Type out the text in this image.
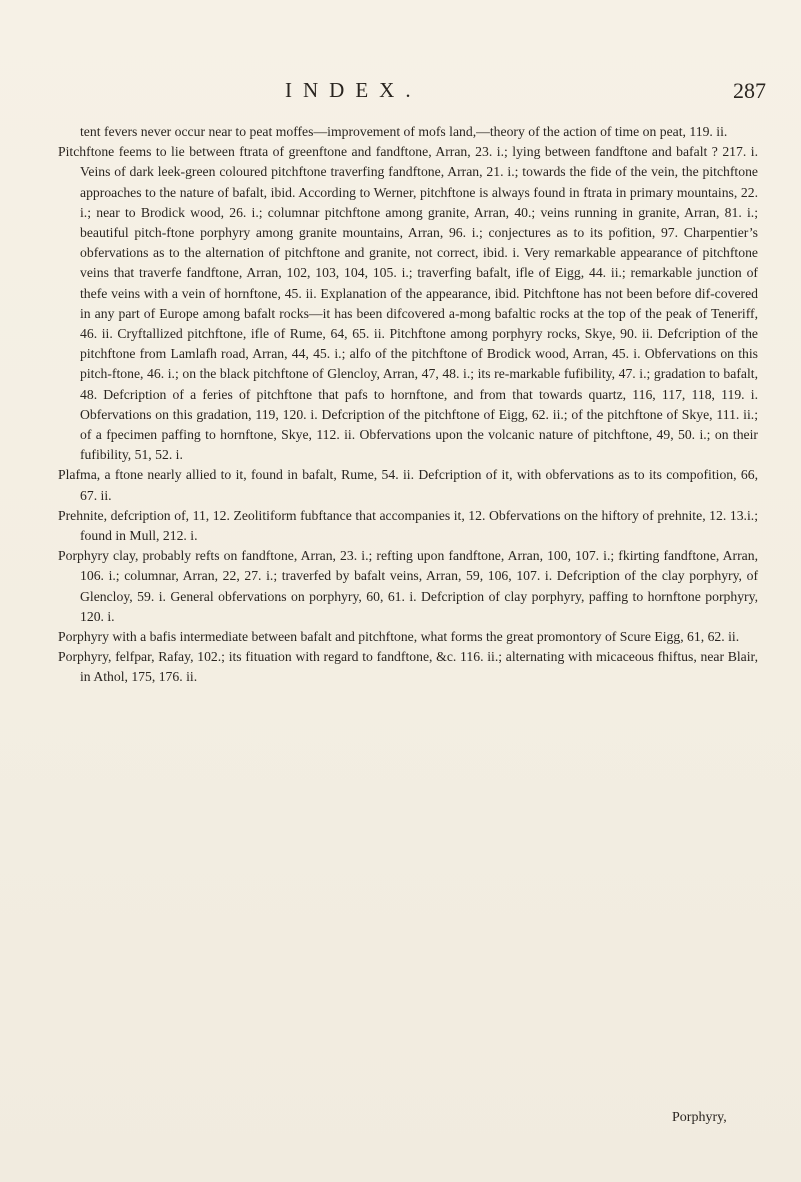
INDEX.	287

tent fevers never occur near to peat moffes—improvement of mofs land,—theory of the action of time on peat, 119. ii.

Pitchftone feems to lie between ftrata of greenftone and fandftone, Arran, 23. i.; lying between fandftone and bafalt ? 217. i. Veins of dark leek-green coloured pitchftone traverfing fandftone, Arran, 21. i.; towards the fide of the vein, the pitchftone approaches to the nature of bafalt, ibid. According to Werner, pitchftone is always found in ftrata in primary mountains, 22. i.; near to Brodick wood, 26. i.; columnar pitchftone among granite, Arran, 40.; veins running in granite, Arran, 81. i.; beautiful pitch-ftone porphyry among granite mountains, Arran, 96. i.; conjectures as to its pofition, 97. Charpentier’s obfervations as to the alternation of pitchftone and granite, not correct, ibid. i. Very remarkable appearance of pitchftone veins that traverfe fandftone, Arran, 102, 103, 104, 105. i.; traverfing bafalt, ifle of Eigg, 44. ii.; remarkable junction of thefe veins with a vein of hornftone, 45. ii. Explanation of the appearance, ibid. Pitchftone has not been before dif-covered in any part of Europe among bafalt rocks—it has been difcovered a-mong bafaltic rocks at the top of the peak of Teneriff, 46. ii. Cryftallized pitchftone, ifle of Rume, 64, 65. ii. Pitchftone among porphyry rocks, Skye, 90. ii. Defcription of the pitchftone from Lamlafh road, Arran, 44, 45. i.; alfo of the pitchftone of Brodick wood, Arran, 45. i. Obfervations on this pitch-ftone, 46. i.; on the black pitchftone of Glencloy, Arran, 47, 48. i.; its re-markable fufibility, 47. i.; gradation to bafalt, 48. Defcription of a feries of pitchftone that pafs to hornftone, and from that towards quartz, 116, 117, 118, 119. i. Obfervations on this gradation, 119, 120. i. Defcription of the pitchftone of Eigg, 62. ii.; of the pitchftone of Skye, 111. ii.; of a fpecimen paffing to hornftone, Skye, 112. ii. Obfervations upon the volcanic nature of pitchftone, 49, 50. i.; on their fufibility, 51, 52. i.

Plafma, a ftone nearly allied to it, found in bafalt, Rume, 54. ii. Defcription of it, with obfervations as to its compofition, 66, 67. ii.

Prehnite, defcription of, 11, 12. Zeolitiform fubftance that accompanies it, 12. Obfervations on the hiftory of prehnite, 12. 13.i.; found in Mull, 212. i.

Porphyry clay, probably refts on fandftone, Arran, 23. i.; refting upon fandftone, Arran, 100, 107. i.; fkirting fandftone, Arran, 106. i.; columnar, Arran, 22, 27. i.; traverfed by bafalt veins, Arran, 59, 106, 107. i. Defcription of the clay porphyry, of Glencloy, 59. i. General obfervations on porphyry, 60, 61. i. Defcription of clay porphyry, paffing to hornftone porphyry, 120. i.

Porphyry with a bafis intermediate between bafalt and pitchftone, what forms the great promontory of Scure Eigg, 61, 62. ii.

Porphyry, felfpar, Rafay, 102.; its fituation with regard to fandftone, &c. 116. ii.; alternating with micaceous fhiftus, near Blair, in Athol, 175, 176. ii.

Porphyry,
